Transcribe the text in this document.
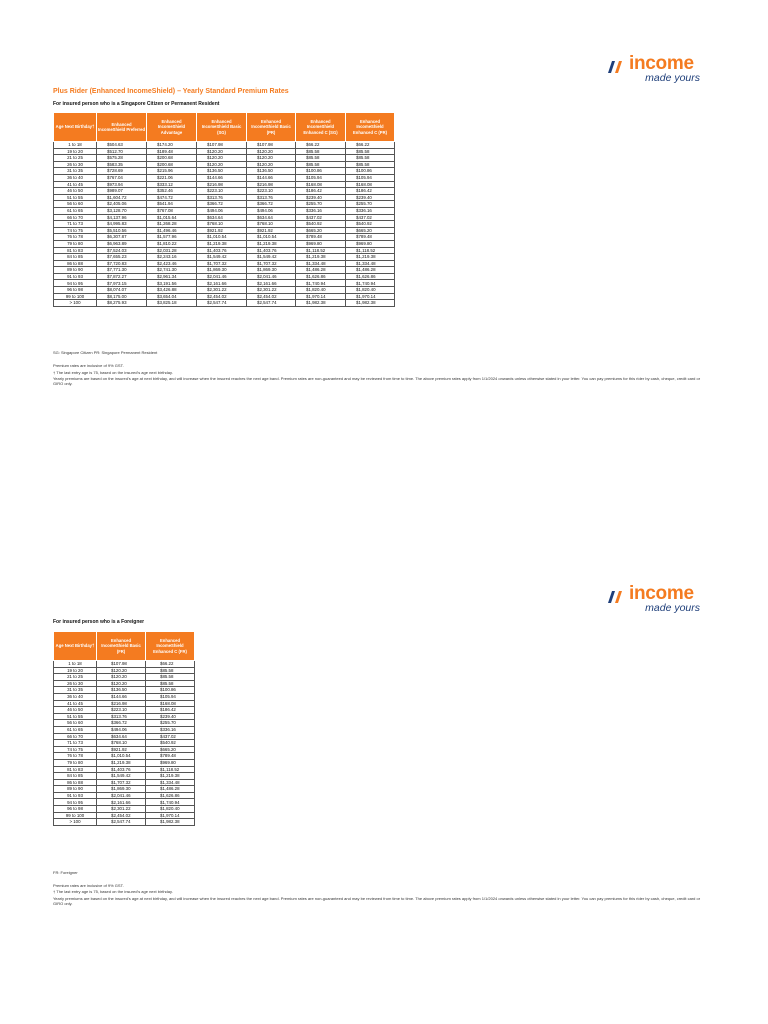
income
made yours
Plus Rider (Enhanced IncomeShield) – Yearly Standard Premium Rates
For insured person who is a Singapore Citizen or Permanent Resident
Age Next Birthday†	Enhanced IncomeShield Preferred	Enhanced IncomeShield Advantage	Enhanced IncomeShield Basic (SG)	Enhanced IncomeShield Basic (PR)	Enhanced IncomeShield Enhanced C (SG)	Enhanced IncomeShield Enhanced C (PR)
1 to 18	$504.63	$174.20	$107.98	$107.98	$66.22	$66.22
19 to 20	$512.70	$189.48	$120.20	$120.20	$85.58	$85.58
21 to 25	$575.28	$200.68	$120.20	$120.20	$85.58	$85.58
26 to 30	$583.35	$200.68	$120.20	$120.20	$85.58	$85.58
31 to 35	$728.69	$215.96	$136.50	$136.50	$100.86	$100.86
36 to 40	$767.04	$221.06	$144.66	$144.66	$105.94	$105.94
41 to 45	$973.94	$333.12	$216.98	$216.98	$168.08	$168.08
46 to 50	$989.07	$352.46	$223.10	$223.10	$186.42	$186.42
51 to 55	$1,604.72	$474.72	$313.76	$313.76	$239.40	$239.40
56 to 60	$2,405.06	$541.94	$366.72	$366.72	$255.70	$255.70
61 to 65	$3,128.70	$767.08	$494.06	$494.06	$336.16	$336.16
66 to 70	$4,137.96	$1,015.64	$634.64	$634.64	$437.02	$437.02
71 to 73	$4,995.83	$1,268.28	$768.10	$768.10	$540.92	$540.92
74 to 75	$5,510.56	$1,496.46	$921.92	$921.92	$665.20	$665.20
76 to 78	$6,307.87	$1,577.96	$1,010.54	$1,010.54	$789.48	$789.48
79 to 80	$6,963.89	$1,810.22	$1,219.38	$1,219.38	$969.80	$969.80
81 to 83	$7,524.03	$2,031.28	$1,403.76	$1,403.76	$1,118.52	$1,118.52
84 to 85	$7,655.23	$2,243.16	$1,549.42	$1,549.42	$1,219.38	$1,219.38
86 to 88	$7,720.83	$2,423.46	$1,707.32	$1,707.32	$1,334.48	$1,334.48
89 to 90	$7,771.30	$2,741.30	$1,869.30	$1,869.30	$1,486.28	$1,486.28
91 to 93	$7,872.27	$2,961.34	$2,041.46	$2,041.46	$1,626.86	$1,626.86
94 to 95	$7,973.15	$3,191.56	$2,161.66	$2,161.66	$1,740.94	$1,740.94
96 to 98	$8,074.07	$3,426.88	$2,301.22	$2,301.22	$1,820.40	$1,820.40
99 to 100	$8,175.00	$3,654.04	$2,454.02	$2,454.02	$1,970.14	$1,970.14
> 100	$8,275.93	$3,825.18	$2,547.74	$2,547.74	$1,982.38	$1,982.38
SG: Singapore Citizen PR: Singapore Permanent Resident
Premium rates are inclusive of 9% GST.
† The last entry age is 75, based on the insured's age next birthday.
Yearly premiums are based on the insured's age at next birthday, and will increase when the insured reaches the next age band. Premium rates are non-guaranteed and may be reviewed from time to time. The above premium rates apply from 1/1/2024 onwards unless otherwise stated in your letter. You can pay premiums for this rider by cash, cheque, credit card or GIRO only.
income
made yours
For insured person who is a Foreigner
Age Next Birthday†	Enhanced IncomeShield Basic (FR)	Enhanced IncomeShield Enhanced C (FR)
1 to 18	$107.98	$66.22
19 to 20	$120.20	$85.58
21 to 25	$120.20	$85.58
26 to 30	$120.20	$85.58
31 to 35	$136.50	$100.86
36 to 40	$144.66	$105.94
41 to 45	$216.98	$168.08
46 to 50	$223.10	$186.42
51 to 55	$313.76	$239.40
56 to 60	$366.72	$255.70
61 to 65	$494.06	$336.16
66 to 70	$634.64	$437.02
71 to 73	$768.10	$540.92
74 to 75	$921.92	$665.20
76 to 78	$1,010.54	$789.48
79 to 80	$1,219.38	$969.80
81 to 83	$1,403.76	$1,118.52
84 to 85	$1,549.42	$1,219.38
86 to 88	$1,707.32	$1,334.48
89 to 90	$1,869.30	$1,486.28
91 to 93	$2,041.46	$1,626.86
94 to 95	$2,161.66	$1,740.94
96 to 98	$2,301.22	$1,820.40
99 to 100	$2,454.02	$1,970.14
> 100	$2,547.74	$1,982.38
FR: Foreigner
Premium rates are inclusive of 9% GST.
† The last entry age is 75, based on the insured's age next birthday.
Yearly premiums are based on the insured's age at next birthday, and will increase when the insured reaches the next age band. Premium rates are non-guaranteed and may be reviewed from time to time. The above premium rates apply from 1/1/2024 onwards unless otherwise stated in your letter. You can pay premiums for this rider by cash, cheque, credit card or GIRO only.
